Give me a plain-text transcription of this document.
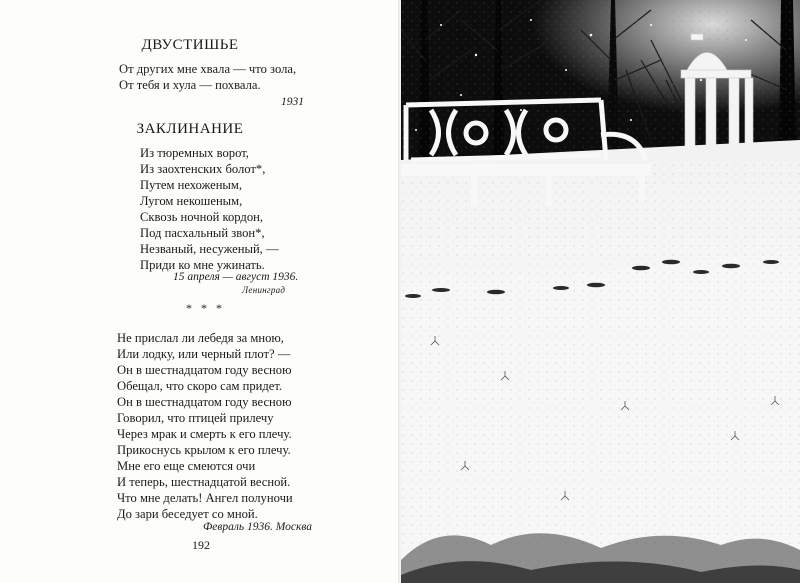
ДВУСТИШЬЕ
От других мне хвала — что зола,
От тебя и хула — похвала.
1931
ЗАКЛИНАНИЕ
Из тюремных ворот,
Из заохтенских болот*,
Путем нехоженым,
Лугом некошеным,
Сквозь ночной кордон,
Под пасхальный звон*,
Незваный, несуженый, —
Приди ко мне ужинать.
15 апреля — август 1936.
Ленинград
* * *
Не прислал ли лебедя за мною,
Или лодку, или черный плот? —
Он в шестнадцатом году весною
Обещал, что скоро сам придет.
Он в шестнадцатом году весною
Говорил, что птицей прилечу
Через мрак и смерть к его плечу.
Прикоснусь крылом к его плечу.
Мне его еще смеются очи
И теперь, шестнадцатой весной.
Что мне делать! Ангел полуночи
До зари беседует со мной.
Февраль 1936. Москва
192
